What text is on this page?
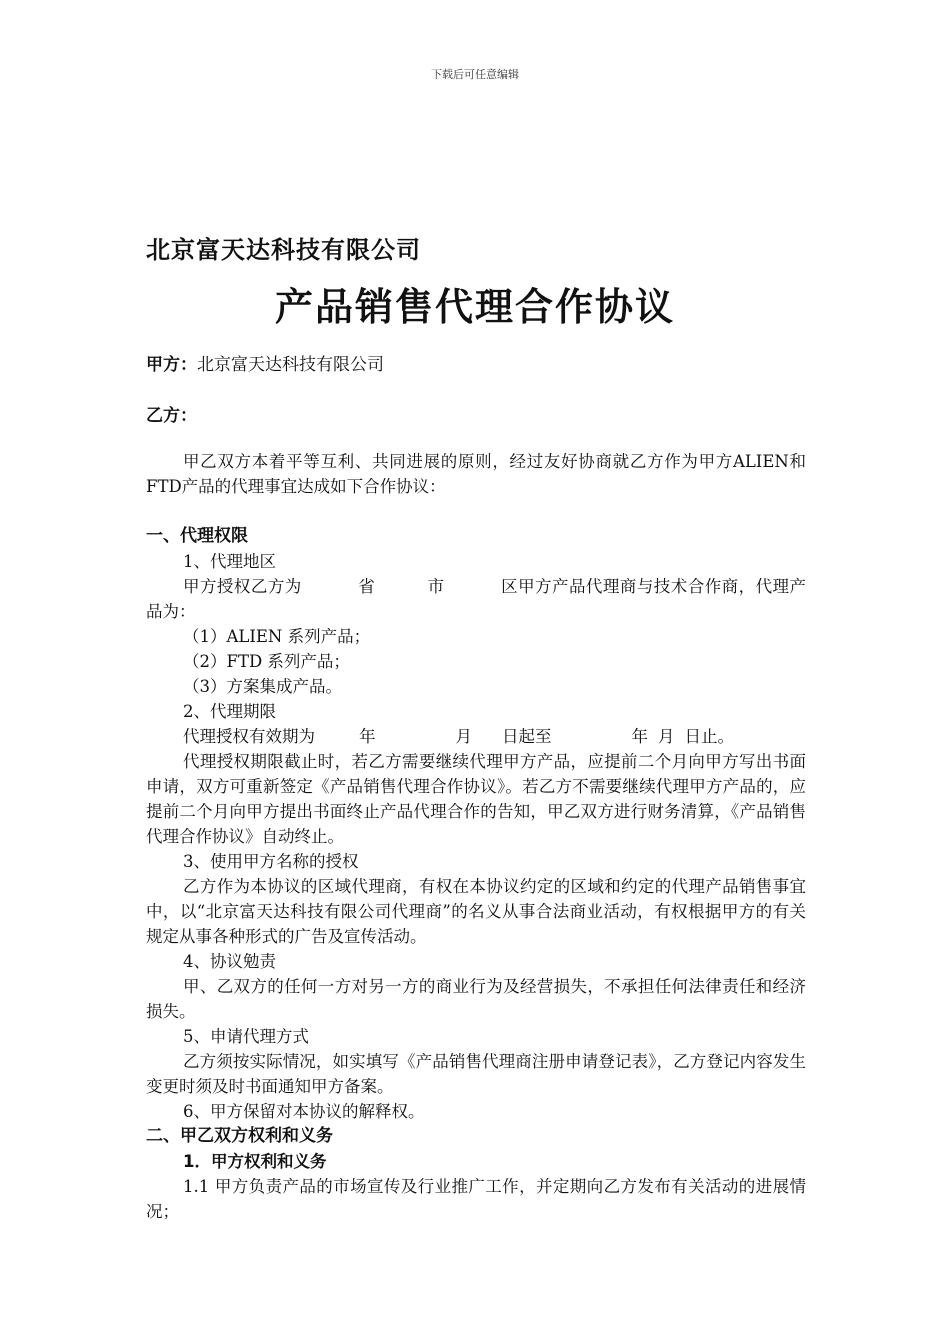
下载后可任意编辑
北京富天达科技有限公司
产品销售代理合作协议
甲方：北京富天达科技有限公司
乙方：

甲乙双方本着平等互利、共同进展的原则，经过友好协商就乙方作为甲方ALIEN和FTD产品的代理事宜达成如下合作协议：

一、代理权限

1、代理地区

甲方授权乙方为	省	市	区甲方产品代理商与技术合作商，代理产品为：

（1）ALIEN 系列产品；

（2）FTD 系列产品；

（3）方案集成产品。

2、代理期限

代理授权有效期为	年	月 日起至	年 月 日止。

代理授权期限截止时，若乙方需要继续代理甲方产品，应提前二个月向甲方写出书面申请，双方可重新签定《产品销售代理合作协议》。若乙方不需要继续代理甲方产品的，应提前二个月向甲方提出书面终止产品代理合作的告知，甲乙双方进行财务清算，《产品销售代理合作协议》自动终止。

3、使用甲方名称的授权

乙方作为本协议的区域代理商，有权在本协议约定的区域和约定的代理产品销售事宜中，以“北京富天达科技有限公司代理商”的名义从事合法商业活动，有权根据甲方的有关规定从事各种形式的广告及宣传活动。

4、协议勉责

甲、乙双方的任何一方对另一方的商业行为及经营损失，不承担任何法律责任和经济损失。

5、申请代理方式

乙方须按实际情况，如实填写《产品销售代理商注册申请登记表》，乙方登记内容发生变更时须及时书面通知甲方备案。

6、甲方保留对本协议的解释权。

二、甲乙双方权利和义务

1．甲方权利和义务

1.1 甲方负责产品的市场宣传及行业推广工作，并定期向乙方发布有关活动的进展情况；
